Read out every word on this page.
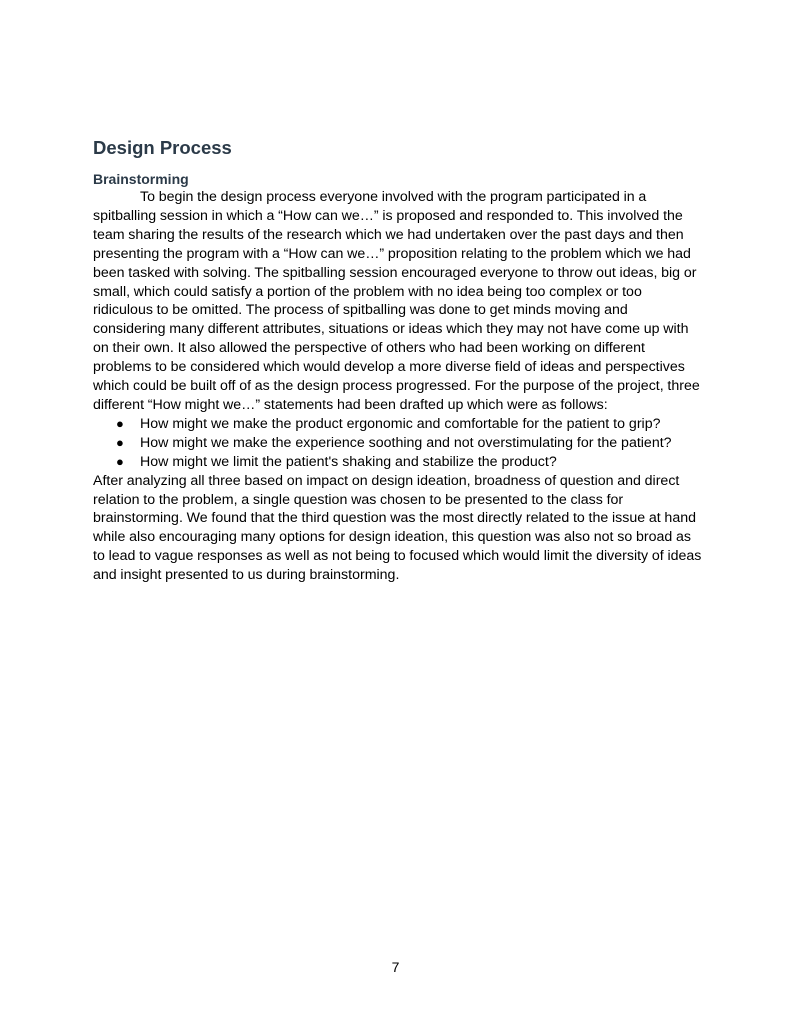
Design Process
Brainstorming

To begin the design process everyone involved with the program participated in a spitballing session in which a “How can we…” is proposed and responded to. This involved the team sharing the results of the research which we had undertaken over the past days and then presenting the program with a “How can we…” proposition relating to the problem which we had been tasked with solving. The spitballing session encouraged everyone to throw out ideas, big or small, which could satisfy a portion of the problem with no idea being too complex or too ridiculous to be omitted. The process of spitballing was done to get minds moving and considering many different attributes, situations or ideas which they may not have come up with on their own. It also allowed the perspective of others who had been working on different problems to be considered which would develop a more diverse field of ideas and perspectives which could be built off of as the design process progressed. For the purpose of the project, three different “How might we…” statements had been drafted up which were as follows:

● How might we make the product ergonomic and comfortable for the patient to grip?
● How might we make the experience soothing and not overstimulating for the patient?
● How might we limit the patient's shaking and stabilize the product?

After analyzing all three based on impact on design ideation, broadness of question and direct relation to the problem, a single question was chosen to be presented to the class for brainstorming. We found that the third question was the most directly related to the issue at hand while also encouraging many options for design ideation, this question was also not so broad as to lead to vague responses as well as not being to focused which would limit the diversity of ideas and insight presented to us during brainstorming.

7
